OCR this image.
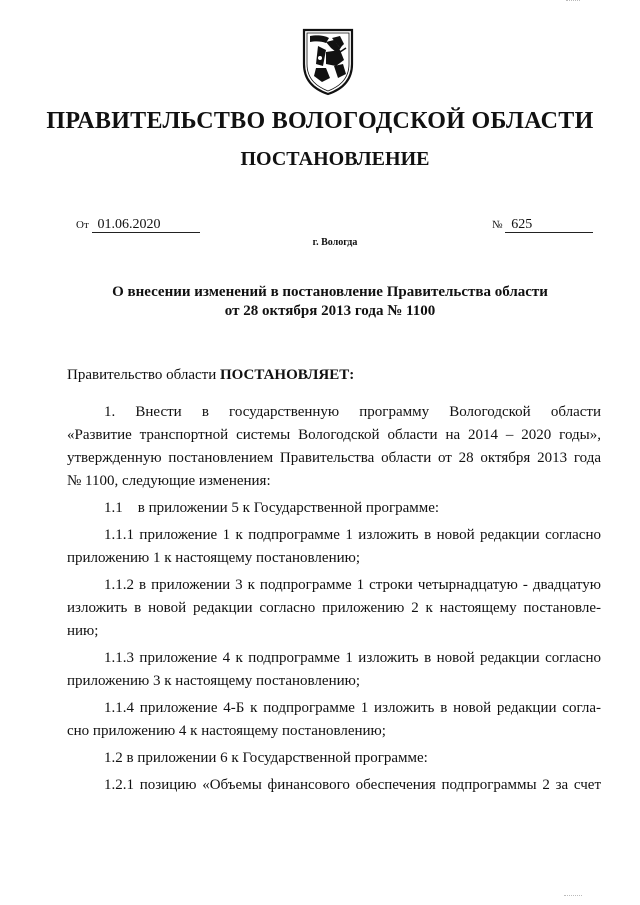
ПРАВИТЕЛЬСТВО ВОЛОГОДСКОЙ ОБЛАСТИ
ПОСТАНОВЛЕНИЕ
От 01.06.2020	№ 625
г. Вологда
О внесении изменений в постановление Правительства области
от 28 октября 2013 года № 1100
Правительство области ПОСТАНОВЛЯЕТ:
1. Внести в государственную программу Вологодской области
«Развитие транспортной системы Вологодской области на 2014 – 2020 годы»,
утвержденную постановлением Правительства области от 28 октября 2013 года
№ 1100, следующие изменения:
1.1    в приложении 5 к Государственной программе:
1.1.1 приложение 1 к подпрограмме 1 изложить в новой редакции согласно
приложению 1 к настоящему постановлению;
1.1.2 в приложении 3 к подпрограмме 1 строки четырнадцатую - двадцатую
изложить в новой редакции согласно приложению 2 к настоящему постановле-
нию;
1.1.3 приложение 4 к подпрограмме 1 изложить в новой редакции согласно
приложению 3 к настоящему постановлению;
1.1.4 приложение 4-Б к подпрограмме 1 изложить в новой редакции согла-
сно приложению 4 к настоящему постановлению;
1.2 в приложении 6 к Государственной программе:
1.2.1 позицию «Объемы финансового обеспечения подпрограммы 2 за счет
